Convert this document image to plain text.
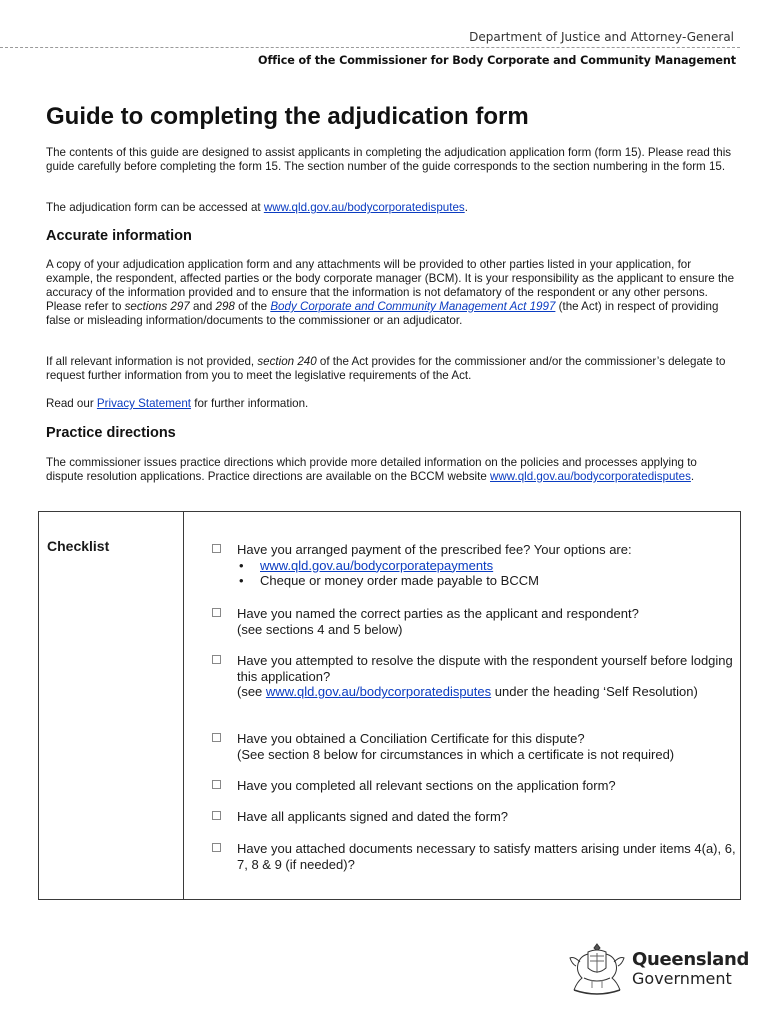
Department of Justice and Attorney-General
Office of the Commissioner for Body Corporate and Community Management
Guide to completing the adjudication form

The contents of this guide are designed to assist applicants in completing the adjudication application form (form 15). Please read this guide carefully before completing the form 15. The section number of the guide corresponds to the section numbering in the form 15.

The adjudication form can be accessed at www.qld.gov.au/bodycorporatedisputes.

Accurate information

A copy of your adjudication application form and any attachments will be provided to other parties listed in your application, for example, the respondent, affected parties or the body corporate manager (BCM). It is your responsibility as the applicant to ensure the accuracy of the information provided and to ensure that the information is not defamatory of the respondent or any other persons. Please refer to sections 297 and 298 of the Body Corporate and Community Management Act 1997 (the Act) in respect of providing false or misleading information/documents to the commissioner or an adjudicator.

If all relevant information is not provided, section 240 of the Act provides for the commissioner and/or the commissioner’s delegate to request further information from you to meet the legislative requirements of the Act.

Read our Privacy Statement for further information.

Practice directions

The commissioner issues practice directions which provide more detailed information on the policies and processes applying to dispute resolution applications. Practice directions are available on the BCCM website www.qld.gov.au/bodycorporatedisputes.

Checklist	Have you arranged payment of the prescribed fee? Your options are:
• www.qld.gov.au/bodycorporatepayments
• Cheque or money order made payable to BCCM
Have you named the correct parties as the applicant and respondent?
(see sections 4 and 5 below)
Have you attempted to resolve the dispute with the respondent yourself before lodging this application?
(see www.qld.gov.au/bodycorporatedisputes under the heading ‘Self Resolution)
Have you obtained a Conciliation Certificate for this dispute?
(See section 8 below for circumstances in which a certificate is not required)
Have you completed all relevant sections on the application form?
Have all applicants signed and dated the form?
Have you attached documents necessary to satisfy matters arising under items 4(a), 6, 7, 8 & 9 (if needed)?
Queensland
Government
